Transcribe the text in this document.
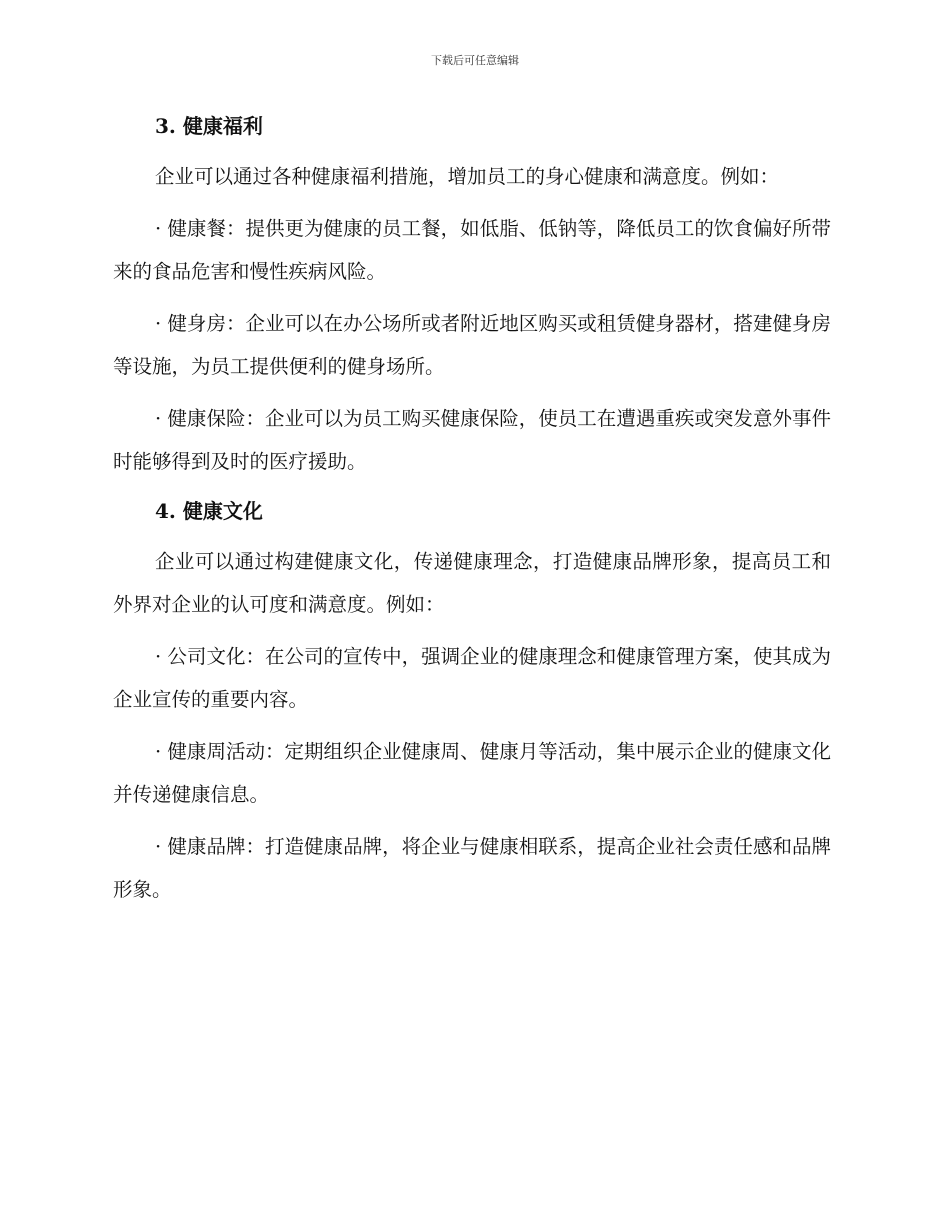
下载后可任意编辑
3. 健康福利

企业可以通过各种健康福利措施，增加员工的身心健康和满意度。例如：

· 健康餐：提供更为健康的员工餐，如低脂、低钠等，降低员工的饮食偏好所带来的食品危害和慢性疾病风险。

· 健身房：企业可以在办公场所或者附近地区购买或租赁健身器材，搭建健身房等设施，为员工提供便利的健身场所。

· 健康保险：企业可以为员工购买健康保险，使员工在遭遇重疾或突发意外事件时能够得到及时的医疗援助。

4. 健康文化

企业可以通过构建健康文化，传递健康理念，打造健康品牌形象，提高员工和外界对企业的认可度和满意度。例如：

· 公司文化：在公司的宣传中，强调企业的健康理念和健康管理方案，使其成为企业宣传的重要内容。

· 健康周活动：定期组织企业健康周、健康月等活动，集中展示企业的健康文化并传递健康信息。

· 健康品牌：打造健康品牌，将企业与健康相联系，提高企业社会责任感和品牌形象。
